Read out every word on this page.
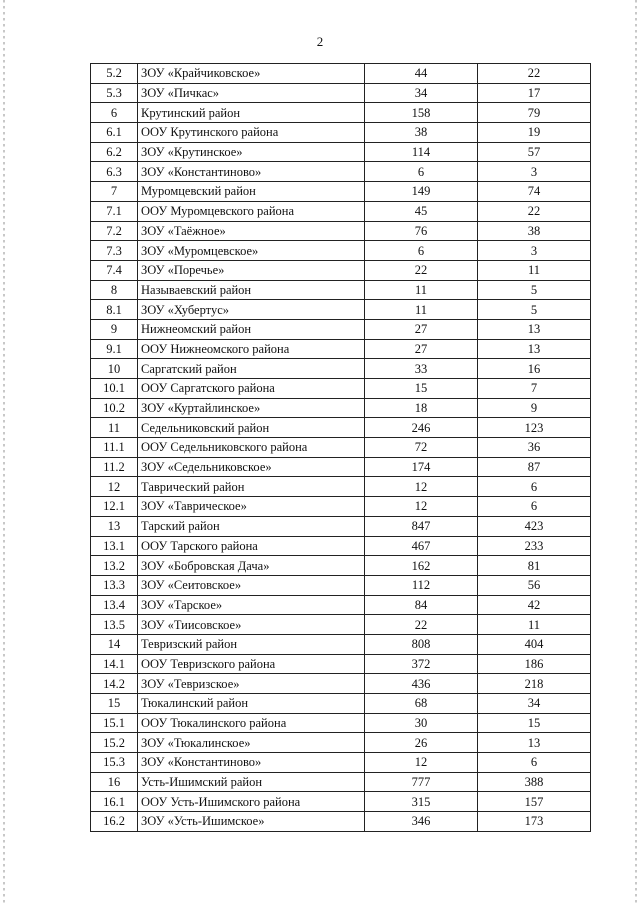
2
5.2	ЗОУ «Крайчиковское»	44	22
5.3	ЗОУ «Пичкас»	34	17
6	Крутинский район	158	79
6.1	ООУ Крутинского района	38	19
6.2	ЗОУ «Крутинское»	114	57
6.3	ЗОУ «Константиново»	6	3
7	Муромцевский район	149	74
7.1	ООУ Муромцевского района	45	22
7.2	ЗОУ «Таёжное»	76	38
7.3	ЗОУ «Муромцевское»	6	3
7.4	ЗОУ «Поречье»	22	11
8	Называевский район	11	5
8.1	ЗОУ «Хубертус»	11	5
9	Нижнеомский район	27	13
9.1	ООУ Нижнеомского района	27	13
10	Саргатский район	33	16
10.1	ООУ Саргатского района	15	7
10.2	ЗОУ «Куртайлинское»	18	9
11	Седельниковский район	246	123
11.1	ООУ Седельниковского района	72	36
11.2	ЗОУ «Седельниковское»	174	87
12	Таврический район	12	6
12.1	ЗОУ «Таврическое»	12	6
13	Тарский район	847	423
13.1	ООУ Тарского района	467	233
13.2	ЗОУ «Бобровская Дача»	162	81
13.3	ЗОУ «Сеитовское»	112	56
13.4	ЗОУ «Тарское»	84	42
13.5	ЗОУ «Тиисовское»	22	11
14	Тевризский район	808	404
14.1	ООУ Тевризского района	372	186
14.2	ЗОУ «Тевризское»	436	218
15	Тюкалинский район	68	34
15.1	ООУ Тюкалинского района	30	15
15.2	ЗОУ «Тюкалинское»	26	13
15.3	ЗОУ «Константиново»	12	6
16	Усть-Ишимский район	777	388
16.1	ООУ Усть-Ишимского района	315	157
16.2	ЗОУ «Усть-Ишимское»	346	173
